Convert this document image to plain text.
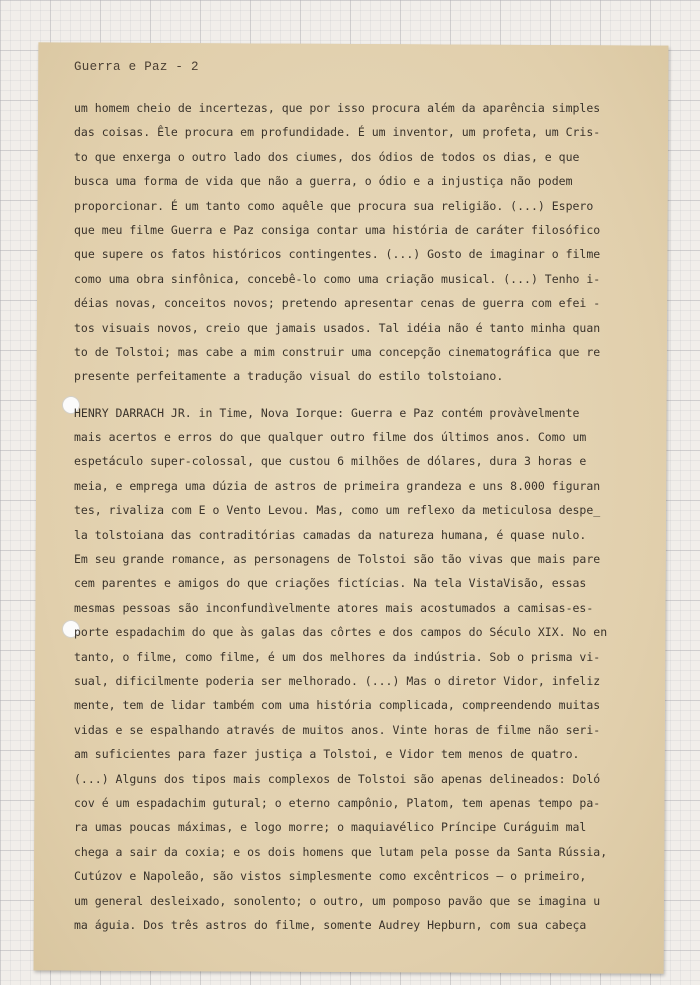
Guerra e Paz - 2
um homem cheio de incertezas, que por isso procura além da aparência simples
das coisas. Êle procura em profundidade. É um inventor, um profeta, um Cris-
to que enxerga o outro lado dos ciumes, dos ódios de todos os dias, e que
busca uma forma de vida que não a guerra, o ódio e a injustiça não podem
proporcionar. É um tanto como aquêle que procura sua religião. (...) Espero
que meu filme Guerra e Paz consiga contar uma história de caráter filosófico
que supere os fatos históricos contingentes. (...) Gosto de imaginar o filme
como uma obra sinfônica, concebê-lo como uma criação musical. (...) Tenho i-
déias novas, conceitos novos; pretendo apresentar cenas de guerra com efei -
tos visuais novos, creio que jamais usados. Tal idéia não é tanto minha quan
to de Tolstoi; mas cabe a mim construir uma concepção cinematográfica que re
presente perfeitamente a tradução visual do estilo tolstoiano.
HENRY DARRACH JR. in Time, Nova Iorque: Guerra e Paz contém provàvelmente
mais acertos e erros do que qualquer outro filme dos últimos anos. Como um
espetáculo super-colossal, que custou 6 milhões de dólares, dura 3 horas e
meia, e emprega uma dúzia de astros de primeira grandeza e uns 8.000 figuran
tes, rivaliza com E o Vento Levou. Mas, como um reflexo da meticulosa despe_
la tolstoiana das contraditórias camadas da natureza humana, é quase nulo.
Em seu grande romance, as personagens de Tolstoi são tão vivas que mais pare
cem parentes e amigos do que criações fictícias. Na tela VistaVisão, essas
mesmas pessoas são inconfundìvelmente atores mais acostumados a camisas-es-
porte espadachim do que às galas das côrtes e dos campos do Século XIX. No en
tanto, o filme, como filme, é um dos melhores da indústria. Sob o prisma vi-
sual, dificilmente poderia ser melhorado. (...) Mas o diretor Vidor, infeliz
mente, tem de lidar também com uma história complicada, compreendendo muitas
vidas e se espalhando através de muitos anos. Vinte horas de filme não seri-
am suficientes para fazer justiça a Tolstoi, e Vidor tem menos de quatro.
(...) Alguns dos tipos mais complexos de Tolstoi são apenas delineados: Doló
cov é um espadachim gutural; o eterno campônio, Platom, tem apenas tempo pa-
ra umas poucas máximas, e logo morre; o maquiavélico Príncipe Curáguim mal
chega a sair da coxia; e os dois homens que lutam pela posse da Santa Rússia,
Cutúzov e Napoleão, são vistos simplesmente como excêntricos — o primeiro,
um general desleixado, sonolento; o outro, um pomposo pavão que se imagina u
ma águia. Dos três astros do filme, somente Audrey Hepburn, com sua cabeça
